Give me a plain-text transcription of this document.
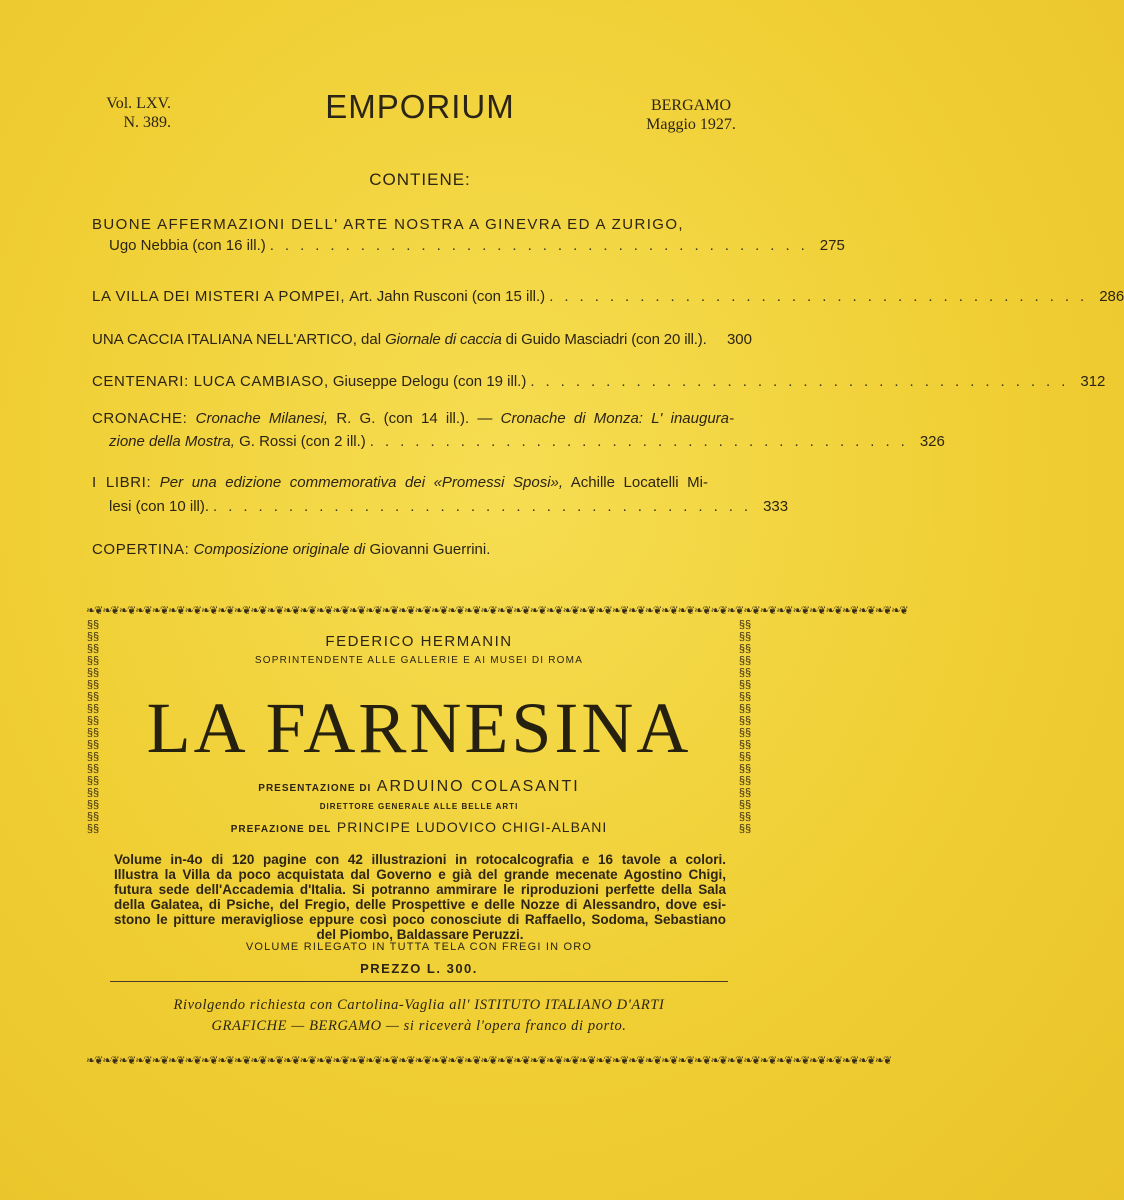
Vol. LXV.
N. 389.	EMPORIUM	BERGAMO
Maggio 1927.
CONTIENE:
BUONE AFFERMAZIONI DELL' ARTE NOSTRA A GINEVRA ED A ZURIGO,
Ugo Nebbia (con 16 ill.) .................................... 275
LA VILLA DEI MISTERI A POMPEI,
Art. Jahn Rusconi (con 15 ill.) .................................... 286
UNA CACCIA ITALIANA NELL'ARTICO, dal Giornale di caccia di Guido Masciadri (con 20 ill.).	300
CENTENARI: LUCA CAMBIASO,
Giuseppe Delogu (con 19 ill.) .................................... 312
CRONACHE: Cronache Milanesi, R. G. (con 14 ill.). — Cronache di Monza: L' inaugura-
zione della Mostra,
G. Rossi (con 2 ill.) .................................... 326
I LIBRI: Per una edizione commemorativa dei «Promessi Sposi», Achille Locatelli Mi-
lesi (con 10 ill). .................................... 333
COPERTINA: Composizione originale di Giovanni Guerrini.
❧❦❧❦❧❦❧❦❧❦❧❦❧❦❧❦❧❦❧❦❧❦❧❦❧❦❧❦❧❦❧❦❧❦❧❦❧❦❧❦❧❦❧❦❧❦❧❦❧❦❧❦❧❦❧❦❧❦❧❦❧❦❧❦❧❦❧❦❧❦❧❦❧❦❧❦❧❦❧❦❧❦❧❦❧❦❧❦❧❦❧❦❧❦❧❦❧❦❧❦
❧❦❧❦❧❦❧❦❧❦❧❦❧❦❧❦❧❦❧❦❧❦❧❦❧❦❧❦❧❦❧❦❧❦❧❦❧❦❧❦❧❦❧❦❧❦❧❦❧❦❧❦❧❦❧❦❧❦❧❦❧❦❧❦❧❦❧❦❧❦❧❦❧❦❧❦❧❦❧❦❧❦❧❦❧❦❧❦❧❦❧❦❧❦❧❦❧❦
§§§§§§§§§§§§§§§§§§§§§§§§§§§§§§§§§§§§
§§§§§§§§§§§§§§§§§§§§§§§§§§§§§§§§§§§§
FEDERICO HERMANIN
SOPRINTENDENTE ALLE GALLERIE E AI MUSEI DI ROMA
LA FARNESINA
PRESENTAZIONE DI ARDUINO COLASANTI
DIRETTORE GENERALE ALLE BELLE ARTI
PREFAZIONE DEL PRINCIPE LUDOVICO CHIGI-ALBANI
Volume in-4o di 120 pagine con 42 illustrazioni in rotocalcografia e 16 tavole a colori.
Illustra la Villa da poco acquistata dal Governo e già del grande mecenate Agostino Chigi,
futura sede dell'Accademia d'Italia. Si potranno ammirare le riproduzioni perfette della Sala
della Galatea, di Psiche, del Fregio, delle Prospettive e delle Nozze di Alessandro, dove esi-
stono le pitture meravigliose eppure così poco conosciute di Raffaello, Sodoma, Sebastiano
del Piombo, Baldassare Peruzzi.
VOLUME RILEGATO IN TUTTA TELA CON FREGI IN ORO
PREZZO L. 300.
Rivolgendo richiesta con Cartolina-Vaglia all' ISTITUTO ITALIANO D'ARTI
GRAFICHE — BERGAMO — si riceverà l'opera franco di porto.
